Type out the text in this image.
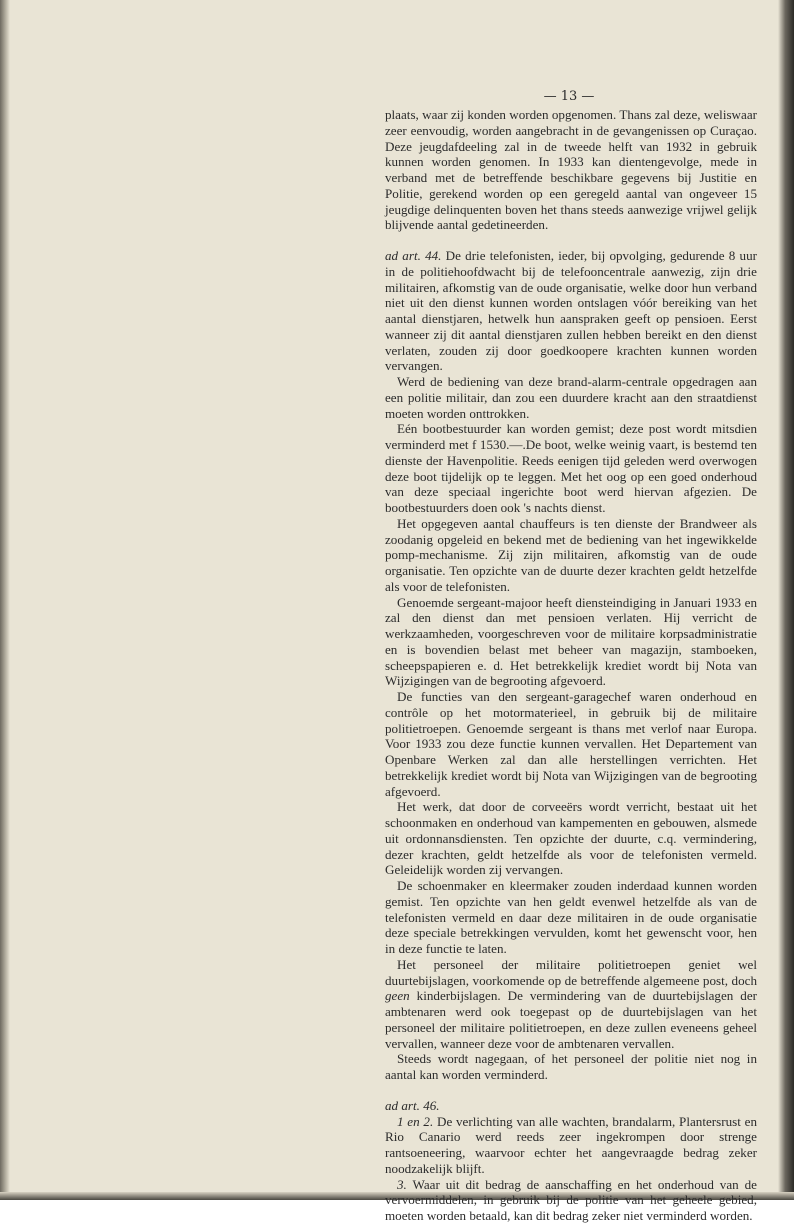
— 13 —

plaats, waar zij konden worden opgenomen. Thans zal deze, weliswaar zeer eenvoudig, worden aangebracht in de gevangenissen op Curaçao. Deze jeugdafdeeling zal in de tweede helft van 1932 in gebruik kunnen worden genomen. In 1933 kan dientengevolge, mede in verband met de betreffende beschikbare gegevens bij Justitie en Politie, gerekend worden op een geregeld aantal van ongeveer 15 jeugdige delinquenten boven het thans steeds aanwezige vrijwel gelijk blijvende aantal gedetineerden.

ad art. 44. De drie telefonisten, ieder, bij opvolging, gedurende 8 uur in de politiehoofdwacht bij de telefooncentrale aanwezig, zijn drie militairen, afkomstig van de oude organisatie, welke door hun verband niet uit den dienst kunnen worden ontslagen vóór bereiking van het aantal dienstjaren, hetwelk hun aanspraken geeft op pensioen. Eerst wanneer zij dit aantal dienstjaren zullen hebben bereikt en den dienst verlaten, zouden zij door goedkoopere krachten kunnen worden vervangen.

Werd de bediening van deze brand-alarm-centrale opgedragen aan een politie militair, dan zou een duurdere kracht aan den straatdienst moeten worden onttrokken.

Eén bootbestuurder kan worden gemist; deze post wordt mitsdien verminderd met f 1530.—.De boot, welke weinig vaart, is bestemd ten dienste der Havenpolitie. Reeds eenigen tijd geleden werd overwogen deze boot tijdelijk op te leggen. Met het oog op een goed onderhoud van deze speciaal ingerichte boot werd hiervan afgezien. De bootbestuurders doen ook 's nachts dienst.

Het opgegeven aantal chauffeurs is ten dienste der Brandweer als zoodanig opgeleid en bekend met de bediening van het ingewikkelde pomp-mechanisme. Zij zijn militairen, afkomstig van de oude organisatie. Ten opzichte van de duurte dezer krachten geldt hetzelfde als voor de telefonisten.

Genoemde sergeant-majoor heeft diensteindiging in Januari 1933 en zal den dienst dan met pensioen verlaten. Hij verricht de werkzaamheden, voorgeschreven voor de militaire korpsadministratie en is bovendien belast met beheer van magazijn, stamboeken, scheepspapieren e. d. Het betrekkelijk krediet wordt bij Nota van Wijzigingen van de begrooting afgevoerd.

De functies van den sergeant-garagechef waren onderhoud en contrôle op het motormaterieel, in gebruik bij de militaire politietroepen. Genoemde sergeant is thans met verlof naar Europa. Voor 1933 zou deze functie kunnen vervallen. Het Departement van Openbare Werken zal dan alle herstellingen verrichten. Het betrekkelijk krediet wordt bij Nota van Wijzigingen van de begrooting afgevoerd.

Het werk, dat door de corveeërs wordt verricht, bestaat uit het schoonmaken en onderhoud van kampementen en gebouwen, alsmede uit ordonnansdiensten. Ten opzichte der duurte, c.q. vermindering, dezer krachten, geldt hetzelfde als voor de telefonisten vermeld. Geleidelijk worden zij vervangen.

De schoenmaker en kleermaker zouden inderdaad kunnen worden gemist. Ten opzichte van hen geldt evenwel hetzelfde als van de telefonisten vermeld en daar deze militairen in de oude organisatie deze speciale betrekkingen vervulden, komt het gewenscht voor, hen in deze functie te laten.

Het personeel der militaire politietroepen geniet wel duurtebijslagen, voorkomende op de betreffende algemeene post, doch geen kinderbijslagen. De vermindering van de duurtebijslagen der ambtenaren werd ook toegepast op de duurtebijslagen van het personeel der militaire politietroepen, en deze zullen eveneens geheel vervallen, wanneer deze voor de ambtenaren vervallen.

Steeds wordt nagegaan, of het personeel der politie niet nog in aantal kan worden verminderd.

ad art. 46.

1 en 2. De verlichting van alle wachten, brandalarm, Plantersrust en Rio Canario werd reeds zeer ingekrompen door strenge rantsoeneering, waarvoor echter het aangevraagde bedrag zeker noodzakelijk blijft.

3. Waar uit dit bedrag de aanschaffing en het onderhoud van de vervoermiddelen, in gebruik bij de politie van het geheele gebied, moeten worden betaald, kan dit bedrag zeker niet verminderd worden.
